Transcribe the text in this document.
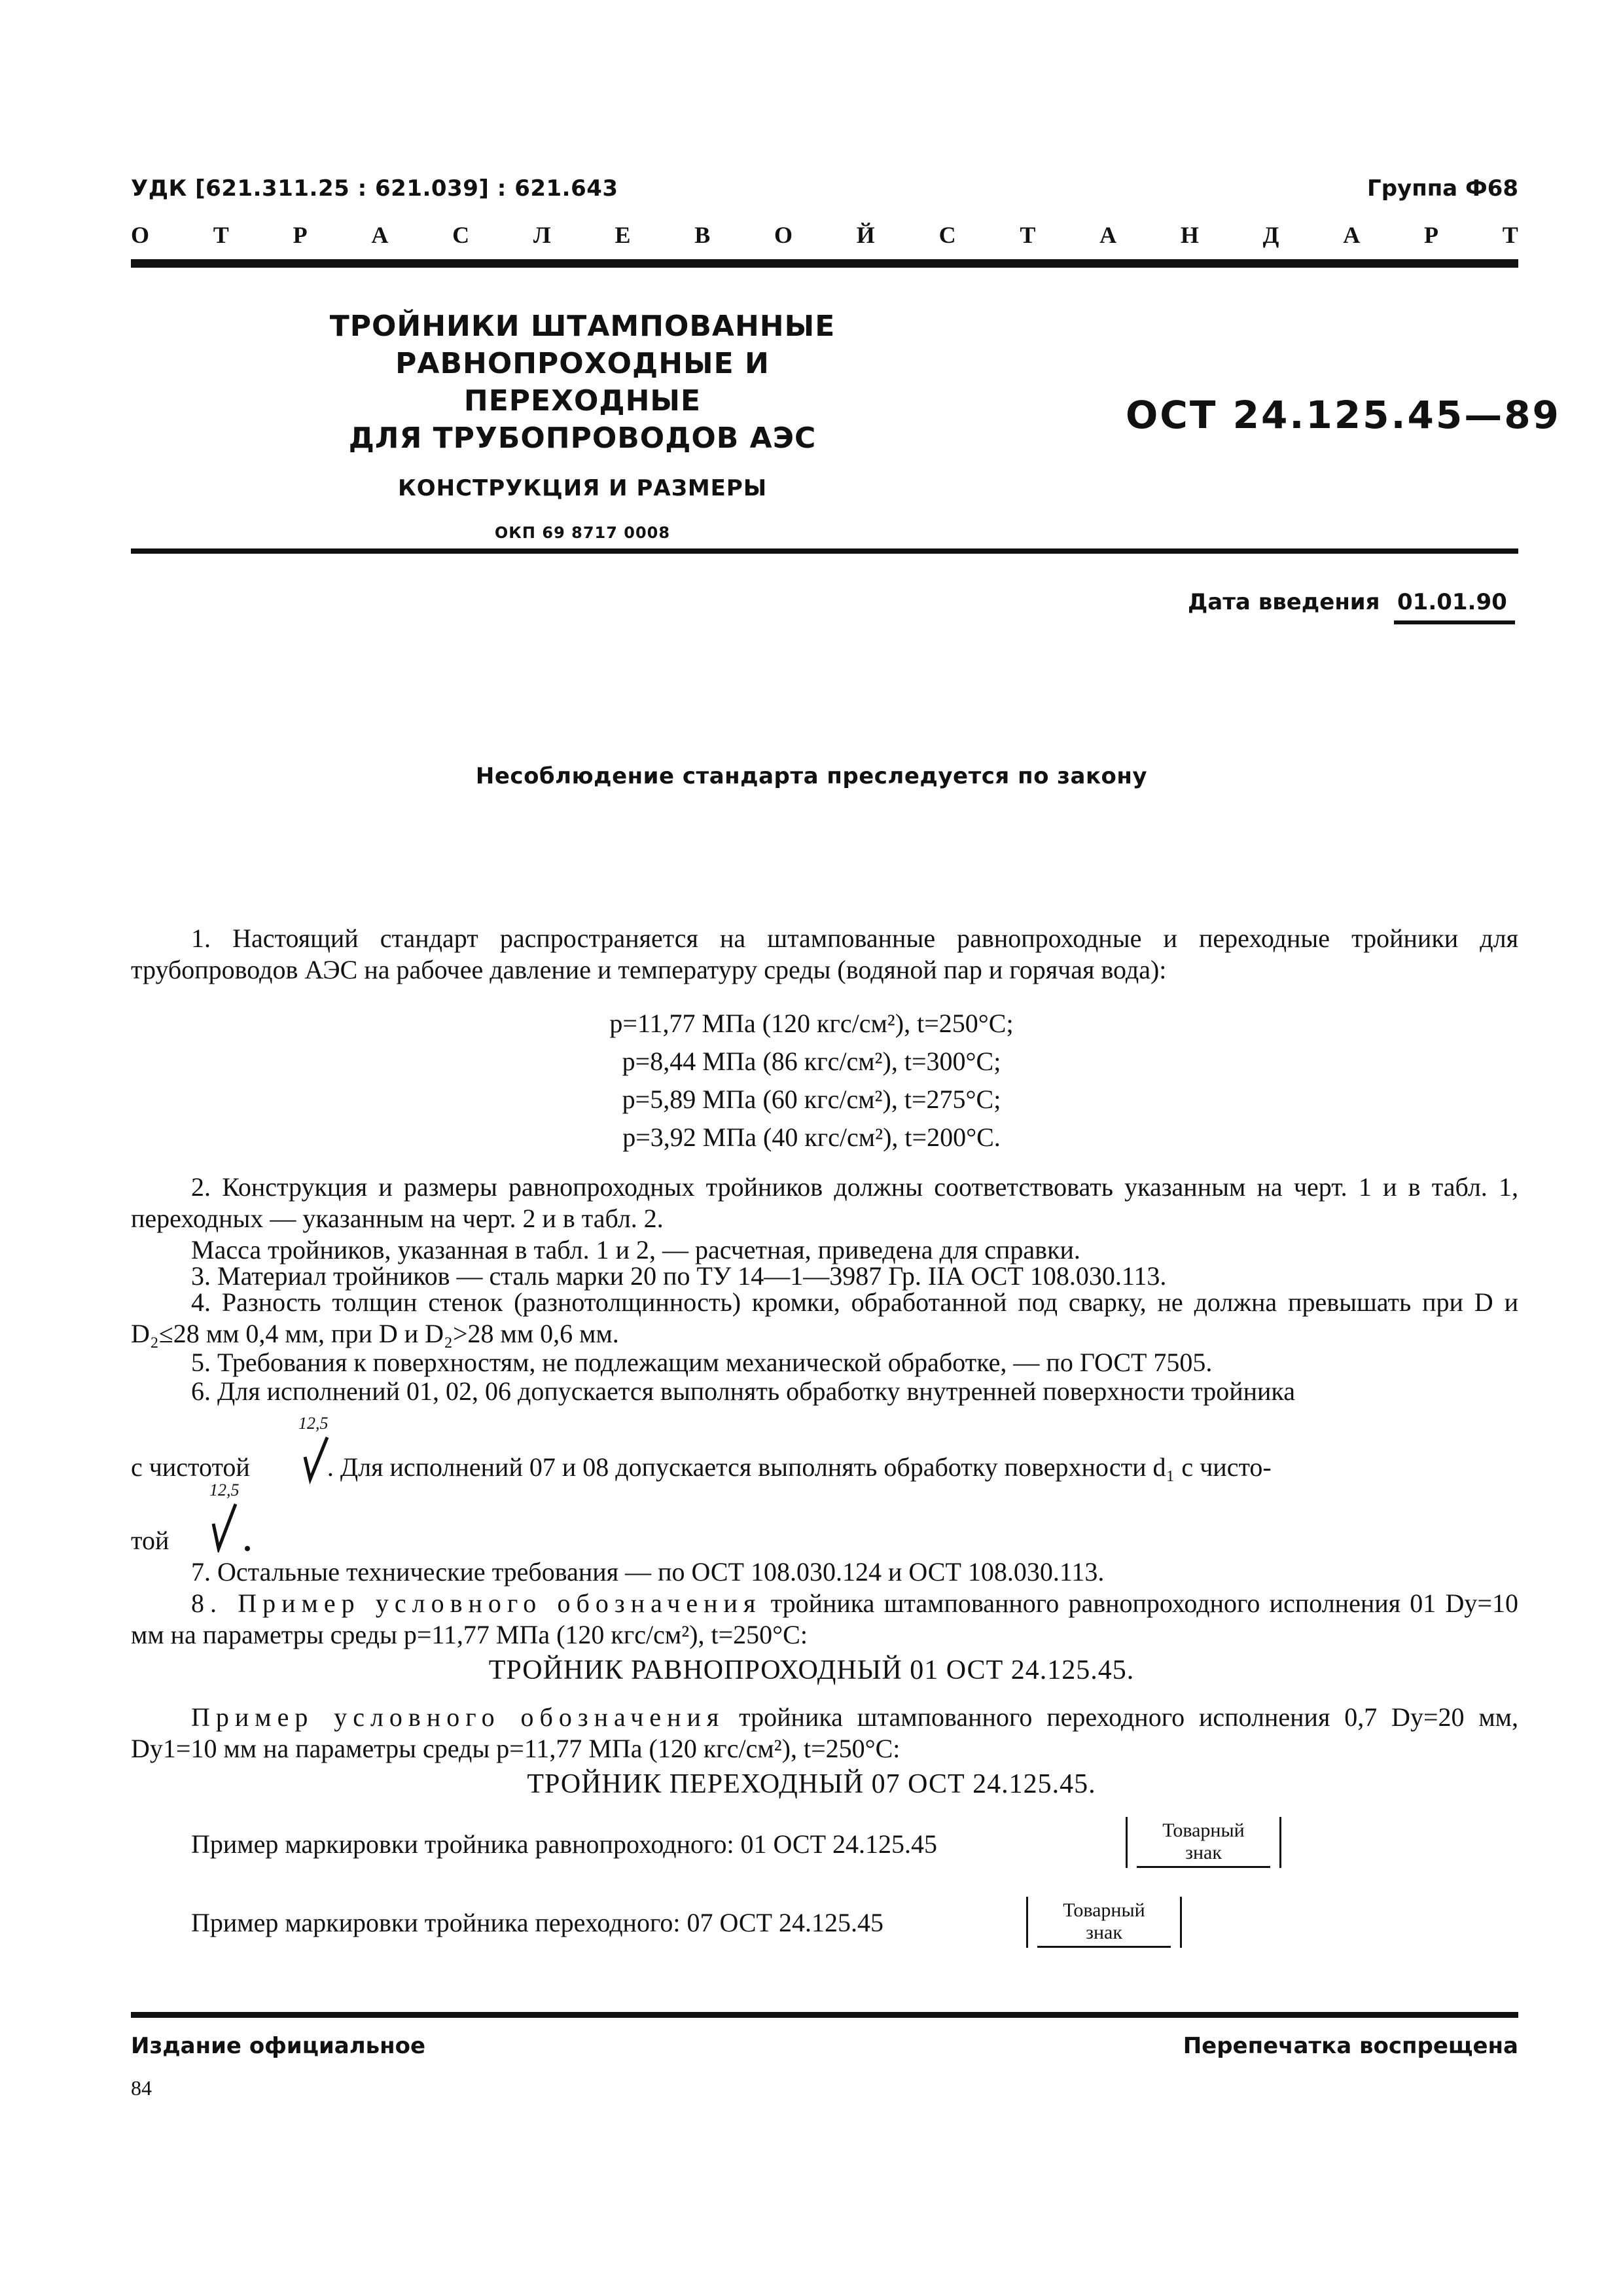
УДК [621.311.25 : 621.039] : 621.643	Группа Ф68
О	Т	Р	А	С	Л	Е	В	О	Й	С	Т	А	Н	Д	А	Р	Т
ТРОЙНИКИ ШТАМПОВАННЫЕ
РАВНОПРОХОДНЫЕ И ПЕРЕХОДНЫЕ
ДЛЯ ТРУБОПРОВОДОВ АЭС
КОНСТРУКЦИЯ И РАЗМЕРЫ
ОКП 69 8717 0008
ОСТ 24.125.45—89
Дата введения 01.01.90
Несоблюдение стандарта преследуется по закону
1. Настоящий стандарт распространяется на штампованные равнопроходные и переходные тройники для трубопроводов АЭС на рабочее давление и температуру среды (водяной пар и горячая вода):
p=11,77 МПа (120 кгс/см²), t=250°C;
p=8,44 МПа (86 кгс/см²), t=300°C;
p=5,89 МПа (60 кгс/см²), t=275°C;
p=3,92 МПа (40 кгс/см²), t=200°C.
2. Конструкция и размеры равнопроходных тройников должны соответствовать указанным на черт. 1 и в табл. 1, переходных — указанным на черт. 2 и в табл. 2.
Масса тройников, указанная в табл. 1 и 2, — расчетная, приведена для справки.
3. Материал тройников — сталь марки 20 по ТУ 14—1—3987 Гр. IIА ОСТ 108.030.113.
4. Разность толщин стенок (разнотолщинность) кромки, обработанной под сварку, не должна превышать при D и D₂≤28 мм 0,4 мм, при D и D₂>28 мм 0,6 мм.
5. Требования к поверхностям, не подлежащим механической обработке, — по ГОСТ 7505.
6. Для исполнений 01, 02, 06 допускается выполнять обработку внутренней поверхности тройника
12,5
с чистотой	. Для исполнений 07 и 08 допускается выполнять обработку поверхности d₁ с чисто-
12,5
той
7. Остальные технические требования — по ОСТ 108.030.124 и ОСТ 108.030.113.
8. Пример условного обозначения тройника штампованного равнопроходного исполнения 01 Dу=10 мм на параметры среды p=11,77 МПа (120 кгс/см²), t=250°C:
ТРОЙНИК РАВНОПРОХОДНЫЙ 01 ОСТ 24.125.45.
Пример условного обозначения тройника штампованного переходного исполнения 0,7 Dу=20 мм, Dу1=10 мм на параметры среды p=11,77 МПа (120 кгс/см²), t=250°C:
ТРОЙНИК ПЕРЕХОДНЫЙ 07 ОСТ 24.125.45.
Пример маркировки тройника равнопроходного: 01 ОСТ 24.125.45	Товарный
знак
Пример маркировки тройника переходного: 07 ОСТ 24.125.45	Товарный
знак
Издание официальное	Перепечатка воспрещена
84
